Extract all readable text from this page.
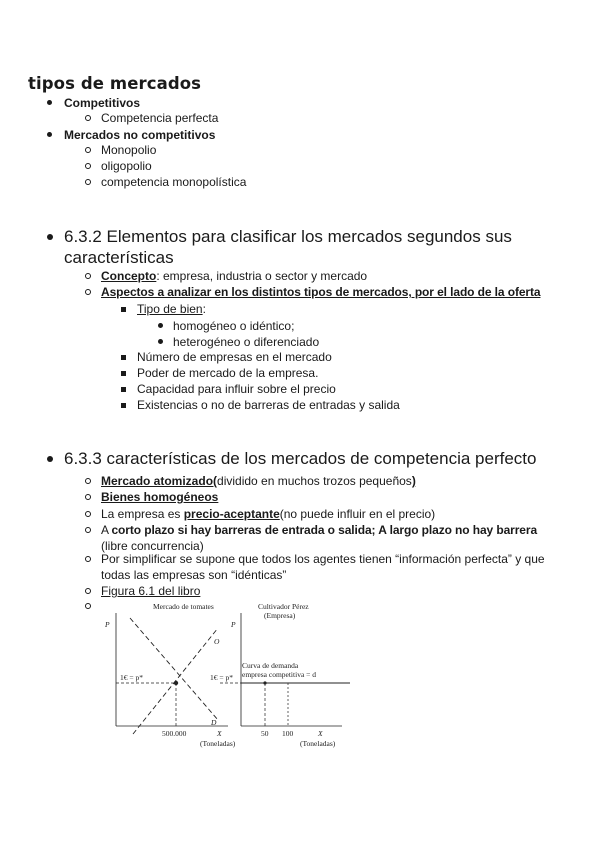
tipos de mercados
Competitivos
Competencia perfecta
Mercados no competitivos
Monopolio
oligopolio
competencia monopolística
6.3.2 Elementos para clasificar los mercados segundos sus
características
Concepto: empresa, industria o sector y mercado
Aspectos a analizar en los distintos tipos de mercados, por el lado de la oferta
Tipo de bien:
homogéneo o idéntico;
heterogéneo o diferenciado
Número de empresas en el mercado
Poder de mercado de la empresa.
Capacidad para influir sobre el precio
Existencias o no de barreras de entradas y salida
6.3.3 características de los mercados de competencia perfecto
Mercado atomizado(dividido en muchos trozos pequeños)
Bienes homogéneos
La empresa es precio-aceptante(no puede influir en el precio)
A corto plazo si hay barreras de entrada o salida; A largo plazo no hay barrera
(libre concurrencia)
Por simplificar se supone que todos los agentes tienen “información perfecta” y que
todas las empresas son “idénticas”
Figura 6.1 del libro
Mercado de tomates	Cultivador Pérez
(Empresa)
P	P
O
D
1€ = p*	1€ = p*
Curva de demanda
empresa competitiva = d
500.000	X
(Toneladas)
50 100	X
(Toneladas)
